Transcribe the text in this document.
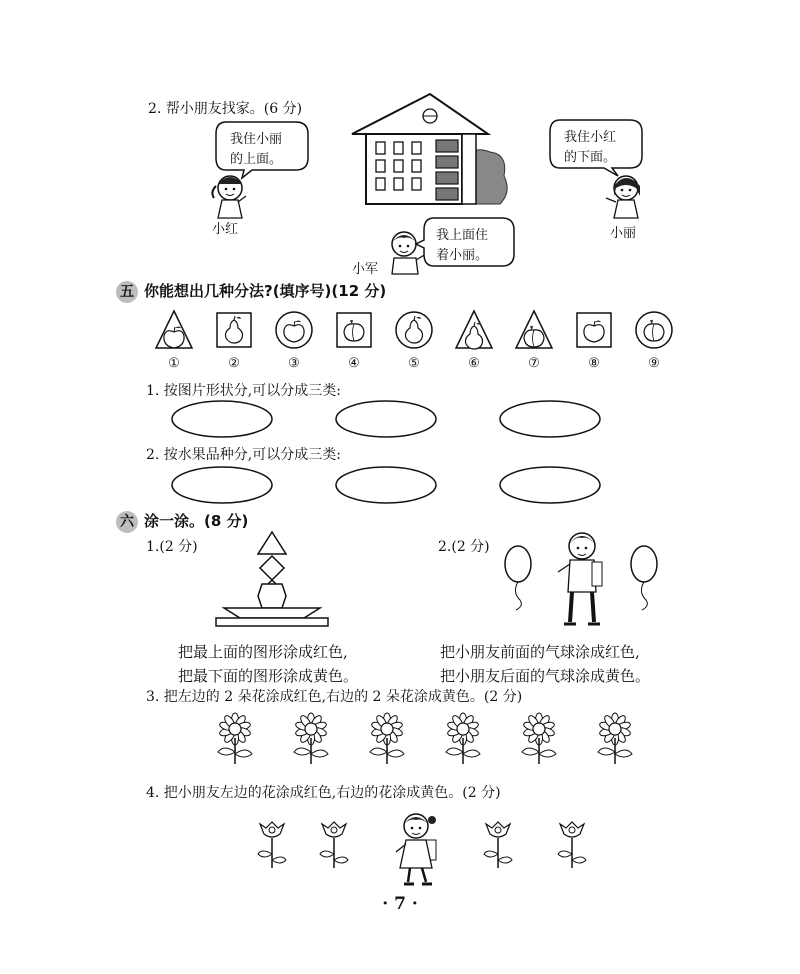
2. 帮小朋友找家。(6 分)
我住小丽
的上面。
小红
我住小红
的下面。
小丽
小军
我上面住
着小丽。
五 你能想出几种分法?(填序号)(12 分)
①	②	③	④	⑤	⑥	⑦	⑧	⑨
1. 按图片形状分,可以分成三类:
2. 按水果品种分,可以分成三类:
六 涂一涂。(8 分)
1.(2 分)	2.(2 分)
把最上面的图形涂成红色,
把最下面的图形涂成黄色。
把小朋友前面的气球涂成红色,
把小朋友后面的气球涂成黄色。
3. 把左边的 2 朵花涂成红色,右边的 2 朵花涂成黄色。(2 分)
4. 把小朋友左边的花涂成红色,右边的花涂成黄色。(2 分)
· 7 ·
